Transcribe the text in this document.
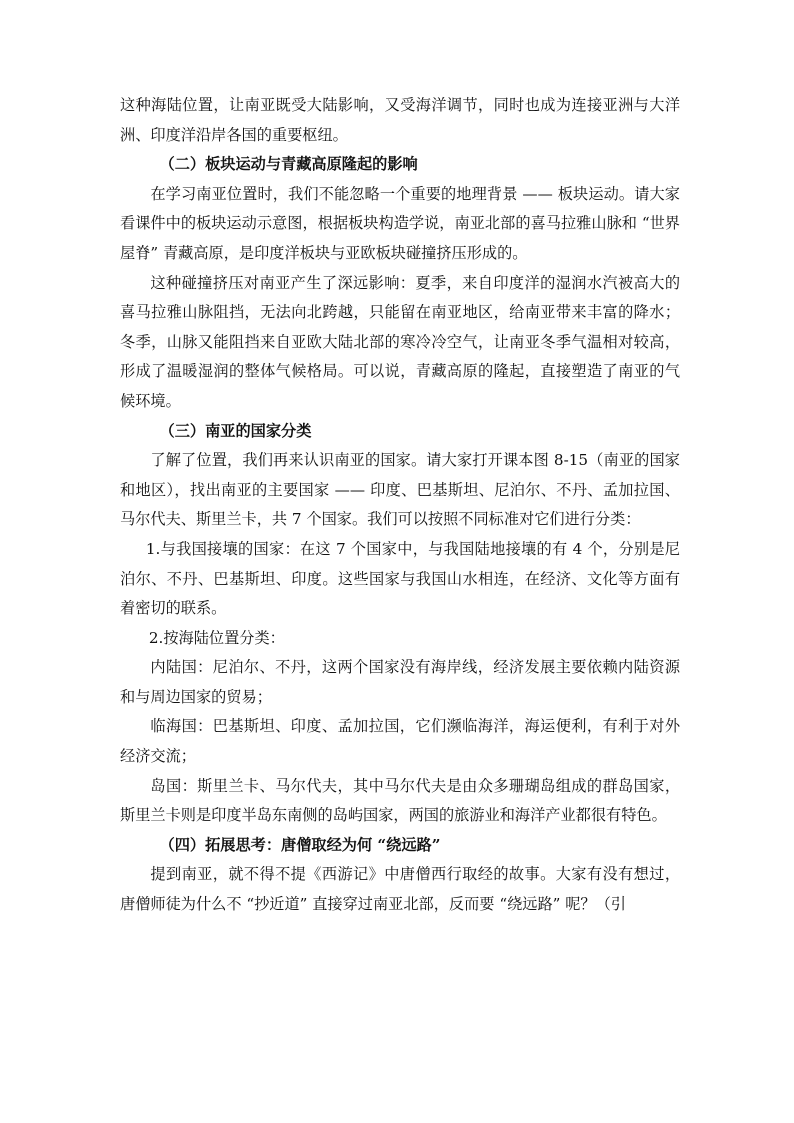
这种海陆位置，让南亚既受大陆影响，又受海洋调节，同时也成为连接亚洲与大洋洲、印度洋沿岸各国的重要枢纽。

（二）板块运动与青藏高原隆起的影响

在学习南亚位置时，我们不能忽略一个重要的地理背景 —— 板块运动。请大家看课件中的板块运动示意图，根据板块构造学说，南亚北部的喜马拉雅山脉和 “世界屋脊” 青藏高原，是印度洋板块与亚欧板块碰撞挤压形成的。

这种碰撞挤压对南亚产生了深远影响：夏季，来自印度洋的湿润水汽被高大的喜马拉雅山脉阻挡，无法向北跨越，只能留在南亚地区，给南亚带来丰富的降水；冬季，山脉又能阻挡来自亚欧大陆北部的寒冷冷空气，让南亚冬季气温相对较高，形成了温暖湿润的整体气候格局。可以说，青藏高原的隆起，直接塑造了南亚的气候环境。

（三）南亚的国家分类

了解了位置，我们再来认识南亚的国家。请大家打开课本图 8-15（南亚的国家和地区），找出南亚的主要国家 —— 印度、巴基斯坦、尼泊尔、不丹、孟加拉国、马尔代夫、斯里兰卡，共 7 个国家。我们可以按照不同标准对它们进行分类：

1.与我国接壤的国家：在这 7 个国家中，与我国陆地接壤的有 4 个，分别是尼泊尔、不丹、巴基斯坦、印度。这些国家与我国山水相连，在经济、文化等方面有着密切的联系。

2.按海陆位置分类：

内陆国：尼泊尔、不丹，这两个国家没有海岸线，经济发展主要依赖内陆资源和与周边国家的贸易；

临海国：巴基斯坦、印度、孟加拉国，它们濒临海洋，海运便利，有利于对外经济交流；

岛国：斯里兰卡、马尔代夫，其中马尔代夫是由众多珊瑚岛组成的群岛国家，斯里兰卡则是印度半岛东南侧的岛屿国家，两国的旅游业和海洋产业都很有特色。

（四）拓展思考：唐僧取经为何 “绕远路”

提到南亚，就不得不提《西游记》中唐僧西行取经的故事。大家有没有想过，唐僧师徒为什么不 “抄近道” 直接穿过南亚北部，反而要 “绕远路” 呢？（引
